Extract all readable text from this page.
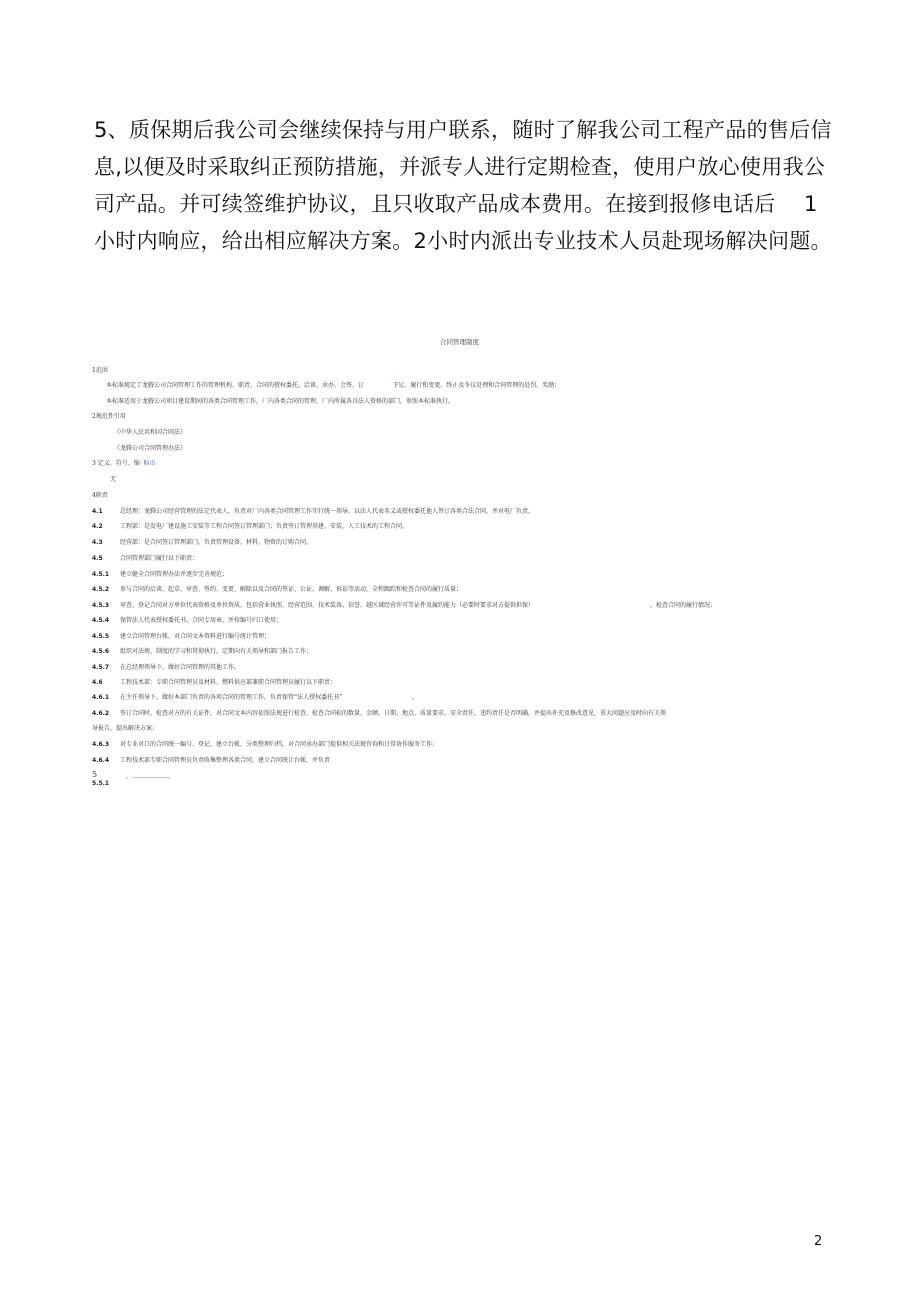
5、质保期后我公司会继续保持与用户联系，随时了解我公司工程产品的售后信
息,以便及时采取纠正预防措施，并派专人进行定期检查，使用户放心使用我公
司产品。并可续签维护协议，且只收取产品成本费用。在接到报修电话后 1
小时内响应，给出相应解决方案。2小时内派出专业技术人员赴现场解决问题。
合同管理制度
1范围
本标准规定了龙腾公司合同管理工作的管理机构、职责、合同的授权委托、洽谈、承办、会签、订	F屋、履行和变更、终止及争议处理和合同管理的处罚、奖励；
本标准适用于龙腾公司项目建设期间的各类合同管理工作，厂内各类合同的管理，厂内所属各具法人资格的部门，参照本标准执行。
2规范性引用
《中华人民共和国合同法》
《龙腾公司合同管理办法》
3 定义、符号、缩· 略语
无
4职责
4.1	总经理：龙腾公司经营管理的法定代表人，负责对厂内各类合同管理工作实行统一领导。以法人代表名义或授权委托他人签订各类合法合同，并对电厂负责。
4.2	工程部：是发电厂建设施工安装等工程合同签订管理部门；负责签订管理基建、安装、人工技术的工程合同。
4.3	经营部：是合同签订管理部门，负责管理设备、材料、物资的订购合同。
4.5	合同管理部门履行以下职责：
4.5.1 建立健全合同管理办法并逐步完善规范；
4.5.2 参与合同的洽谈、起草、审查、签约、变更、解除以及合同的签证、公证、调解、诉讼等活动，全程跟踪和检查合同的履行质量；
4.5.3 审查、登记合同对方单位代表资格及单位资质，包括营业执照、经营范围、技术装备、信誉、越区域经营许可等证件及履约能力（必要时要求对方提供担保）	，检查合同的履行情况；
4.5.4 保管法人代表授权委托书、合同专用章，并按编号归口使用；
4.5.5 建立合同管理台帐，对合同文本资料进行编号统计管理；
4.5.6 组织对法规、制度的学习和贯彻执行，定期向有关领导和部门报告工作；
4.5.7 在总经理领导下，做好合同管理的其他工作。
4.6	工程技术部：专职合同管理员及材料、燃料供应部兼职合同管理员履行以下职责：
4.6.1 在主任领导下，做好本部门负责的各项合同的管理工作，负责保管“法人授权委托书”	，
4.6.2 签订合同时，检查对方的有关证件，对合同文本内容依照法规进行检查，检查合同标的数量、金额、日期、地点、质量要求、安全责任、违约责任是否明确，并提出补充及修改意见，重大问题应及时向有关领
导报告，提出解决方案；
4.6.3 对专业对口的合同统一编号、登记、建立台帐，分类整理归档，对合同承办部门提供相关法规咨询和日常协作服务工作；
4.6.4 工程技术部专职合同管理员负责收集整理各类合同，建立合同统计台帐，并负责
5	，………………，
5.5.1
2
